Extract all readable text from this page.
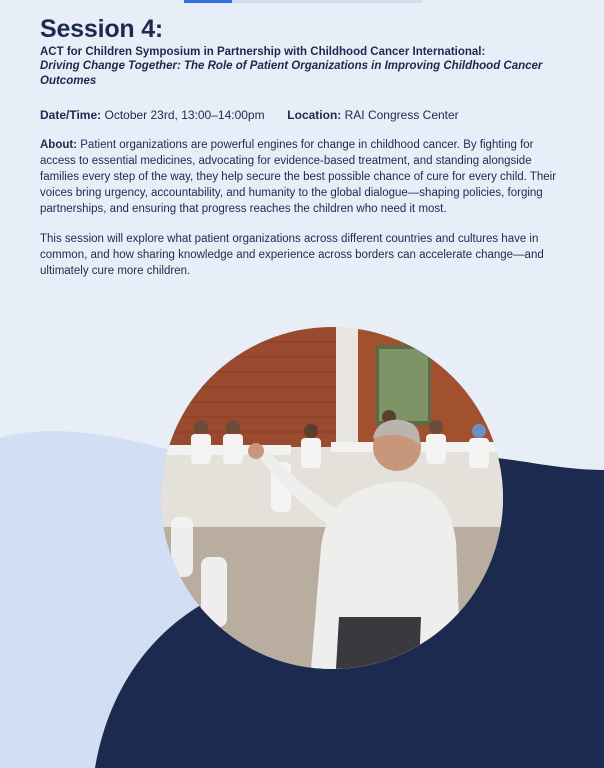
Session 4:
ACT for Children Symposium in Partnership with Childhood Cancer International:
Driving Change Together: The Role of Patient Organizations in Improving Childhood Cancer Outcomes
Date/Time: October 23rd, 13:00–14:00pm Location: RAI Congress Center

About: Patient organizations are powerful engines for change in childhood cancer. By fighting for access to essential medicines, advocating for evidence-based treatment, and standing alongside families every step of the way, they help secure the best possible chance of cure for every child. Their voices bring urgency, accountability, and humanity to the global dialogue—shaping policies, forging partnerships, and ensuring that progress reaches the children who need it most.

This session will explore what patient organizations across different countries and cultures have in common, and how sharing knowledge and experience across borders can accelerate change—and ultimately cure more children.
